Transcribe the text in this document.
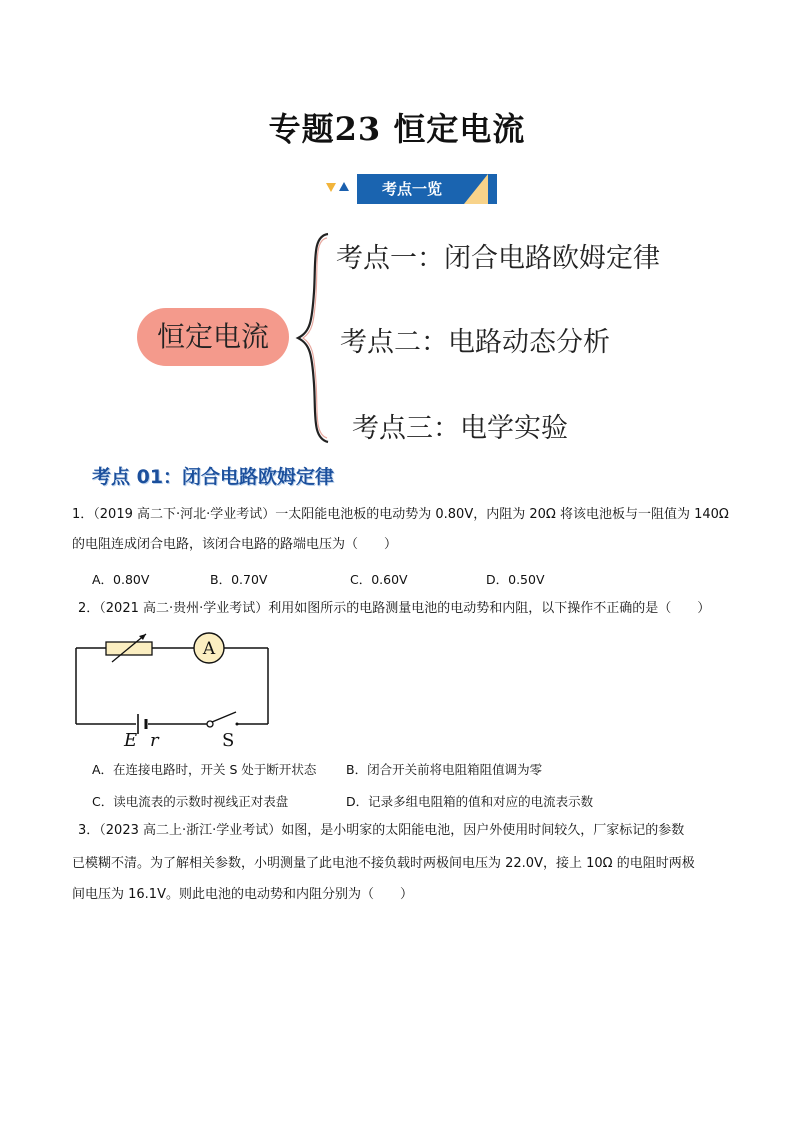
专题23 恒定电流
考点一览
恒定电流
考点一：闭合电路欧姆定律
考点二：电路动态分析
考点三：电学实验
考点 01：闭合电路欧姆定律
1．（2019 高二下·河北·学业考试）一太阳能电池板的电动势为 0.80V，内阻为 20Ω 将该电池板与一阻值为 140Ω
的电阻连成闭合电路，该闭合电路的路端电压为（　　）
A．0.80V	B．0.70V	C．0.60V	D．0.50V
2．（2021 高二·贵州·学业考试）利用如图所示的电路测量电池的电动势和内阻，以下操作不正确的是（　　）
A
E r	S
A．在连接电路时，开关 S 处于断开状态 B．闭合开关前将电阻箱阻值调为零
C．读电流表的示数时视线正对表盘	D．记录多组电阻箱的值和对应的电流表示数
3．（2023 高二上·浙江·学业考试）如图，是小明家的太阳能电池，因户外使用时间较久，厂家标记的参数
已模糊不清。为了解相关参数，小明测量了此电池不接负载时两极间电压为 22.0V，接上 10Ω 的电阻时两极
间电压为 16.1V。则此电池的电动势和内阻分别为（　　）
